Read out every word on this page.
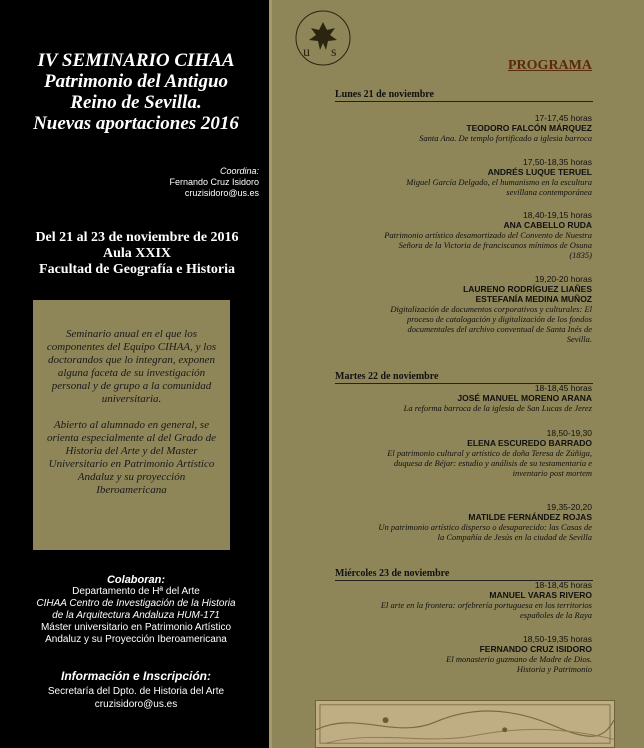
IV SEMINARIO CIHAA
Patrimonio del Antiguo
Reino de Sevilla.
Nuevas aportaciones 2016
Coordina:
Fernando Cruz Isidoro
cruzisidoro@us.es
Del 21 al 23 de noviembre de 2016
Aula XXIX
Facultad de Geografía e Historia

Seminario anual en el que los componentes del Equipo CIHAA, y los doctorandos que lo integran, exponen alguna faceta de su investigación personal y de grupo a la comunidad universitaria.

Abierto al alumnado en general, se orienta especialmente al del Grado de Historia del Arte y del Master Universitario en Patrimonio Artístico Andaluz y su proyección Iberoamericana

Colaboran:
Departamento de Hª del Arte
CIHAA Centro de Investigación de la Historia
de la Arquitectura Andaluza HUM-171
Máster universitario en Patrimonio Artístico
Andaluz y su Proyección Iberoamericana
Información e Inscripción:
Secretaría del Dpto. de Historia del Arte
cruzisidoro@us.es
u s
PROGRAMA
Lunes 21 de noviembre
17-17,45 horas
TEODORO FALCÓN MÁRQUEZ
Santa Ana. De templo fortificado a iglesia barroca
17,50-18,35 horas
ANDRÉS LUQUE TERUEL
Miguel García Delgado, el humanismo en la escultura
sevillana contemporánea
18,40-19,15 horas
ANA CABELLO RUDA
Patrimonio artístico desamortizado del Convento de Nuestra
Señora de la Victoria de franciscanos mínimos de Osuna
(1835)
19,20-20 horas
LAURENO RODRÍGUEZ LIAÑES
ESTEFANÍA MEDINA MUÑOZ
Digitalización de documentos corporativos y culturales: El
proceso de catalogación y digitalización de los fondos
documentales del archivo conventual de Santa Inés de
Sevilla.
Martes 22 de noviembre
18-18,45 horas
JOSÉ MANUEL MORENO ARANA
La reforma barroca de la iglesia de San Lucas de Jerez
18,50-19,30
ELENA ESCUREDO BARRADO
El patrimonio cultural y artístico de doña Teresa de Zúñiga,
duquesa de Béjar: estudio y análisis de su testamentaria e
inventario post mortem
19,35-20,20
MATILDE FERNÁNDEZ ROJAS
Un patrimonio artístico disperso o desaparecido: las Casas de
la Compañía de Jesús en la ciudad de Sevilla
Miércoles 23 de noviembre
18-18,45 horas
MANUEL VARAS RIVERO
El arte en la frontera: orfebrería portuguesa en los territorios
españoles de la Raya
18,50-19,35 horas
FERNANDO CRUZ ISIDORO
El monasterio guzmano de Madre de Dios.
Historia y Patrimonio
